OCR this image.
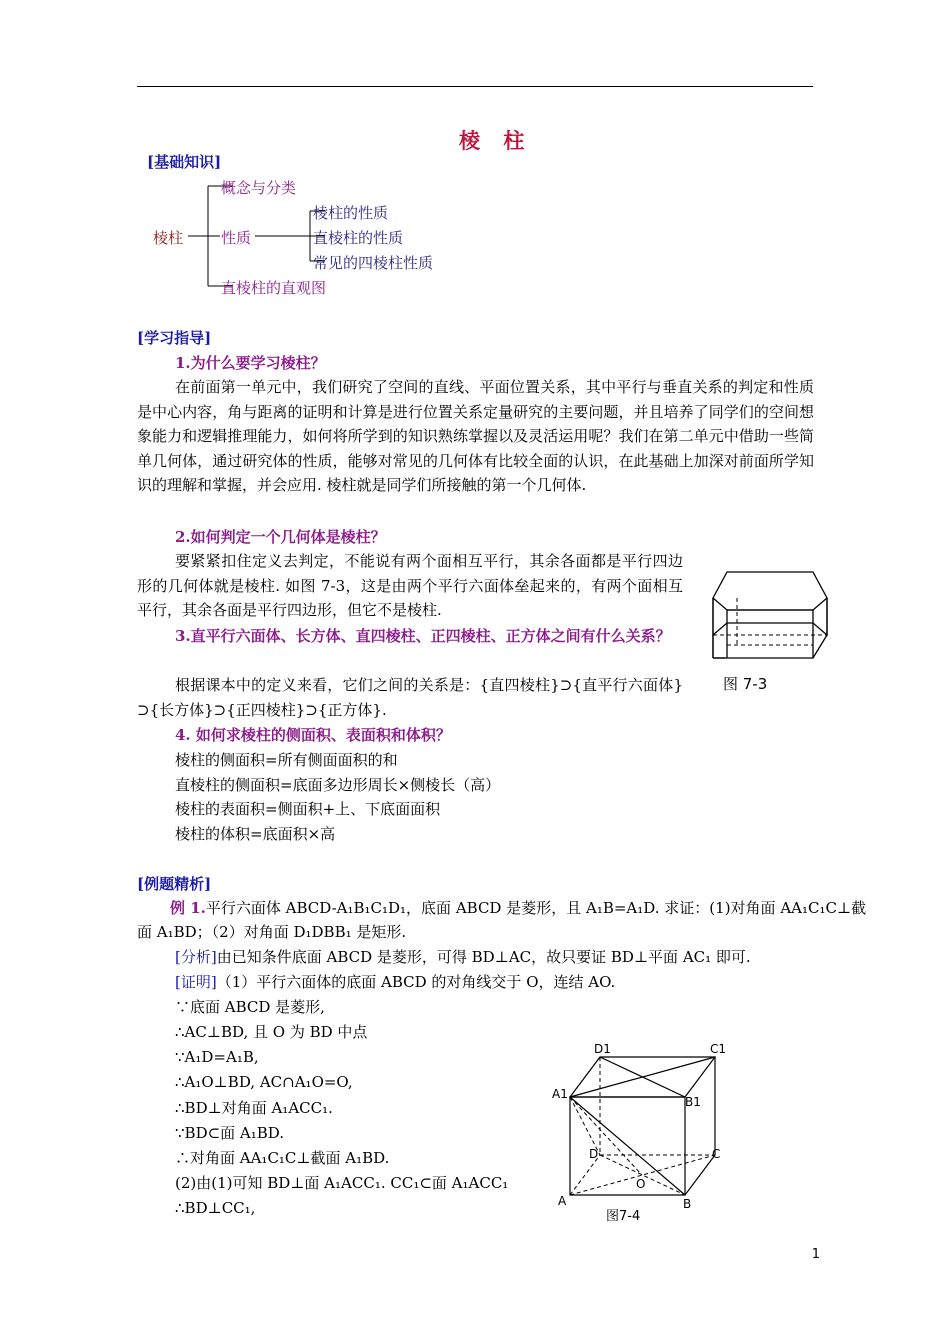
棱 柱
[基础知识]
棱柱
概念与分类
性质
棱柱的性质
直棱柱的性质
常见的四棱柱性质
直棱柱的直观图
[学习指导]
1.为什么要学习棱柱？
在前面第一单元中，我们研究了空间的直线、平面位置关系，其中平行与垂直关系的判定和性质是中心内容，角与距离的证明和计算是进行位置关系定量研究的主要问题，并且培养了同学们的空间想象能力和逻辑推理能力，如何将所学到的知识熟练掌握以及灵活运用呢？我们在第二单元中借助一些简单几何体，通过研究体的性质，能够对常见的几何体有比较全面的认识，在此基础上加深对前面所学知识的理解和掌握，并会应用. 棱柱就是同学们所接触的第一个几何体.
2.如何判定一个几何体是棱柱？
要紧紧扣住定义去判定，不能说有两个面相互平行，其余各面都是平行四边形的几何体就是棱柱. 如图 7-3，这是由两个平行六面体垒起来的，有两个面相互平行，其余各面是平行四边形，但它不是棱柱.
图 7-3
3.直平行六面体、长方体、直四棱柱、正四棱柱、正方体之间有什么关系？
根据课本中的定义来看，它们之间的关系是：{直四棱柱}⊃{直平行六面体}⊃{长方体}⊃{正四棱柱}⊃{正方体}.
4. 如何求棱柱的侧面积、表面积和体积？
棱柱的侧面积=所有侧面面积的和
直棱柱的侧面积=底面多边形周长×侧棱长（高）
棱柱的表面积=侧面积+上、下底面面积
棱柱的体积=底面积×高
[例题精析]
例 1.平行六面体 ABCD-A₁B₁C₁D₁，底面 ABCD 是菱形，且 A₁B=A₁D. 求证：(1)对角面 AA₁C₁C⊥截
面 A₁BD；（2）对角面 D₁DBB₁ 是矩形.
[分析]由已知条件底面 ABCD 是菱形，可得 BD⊥AC，故只要证 BD⊥平面 AC₁ 即可.
[证明]（1）平行六面体的底面 ABCD 的对角线交于 O，连结 AO.
∵底面 ABCD 是菱形,
∴AC⊥BD, 且 O 为 BD 中点
∵A₁D=A₁B,
∴A₁O⊥BD, AC∩A₁O=O,
∴BD⊥对角面 A₁ACC₁.
∵BD⊂面 A₁BD.
∴对角面 AA₁C₁C⊥截面 A₁BD.
(2)由(1)可知 BD⊥面 A₁ACC₁. CC₁⊂面 A₁ACC₁
∴BD⊥CC₁,
D1	C1
A1
B1
D	C
O
A	B
图7-4
1
